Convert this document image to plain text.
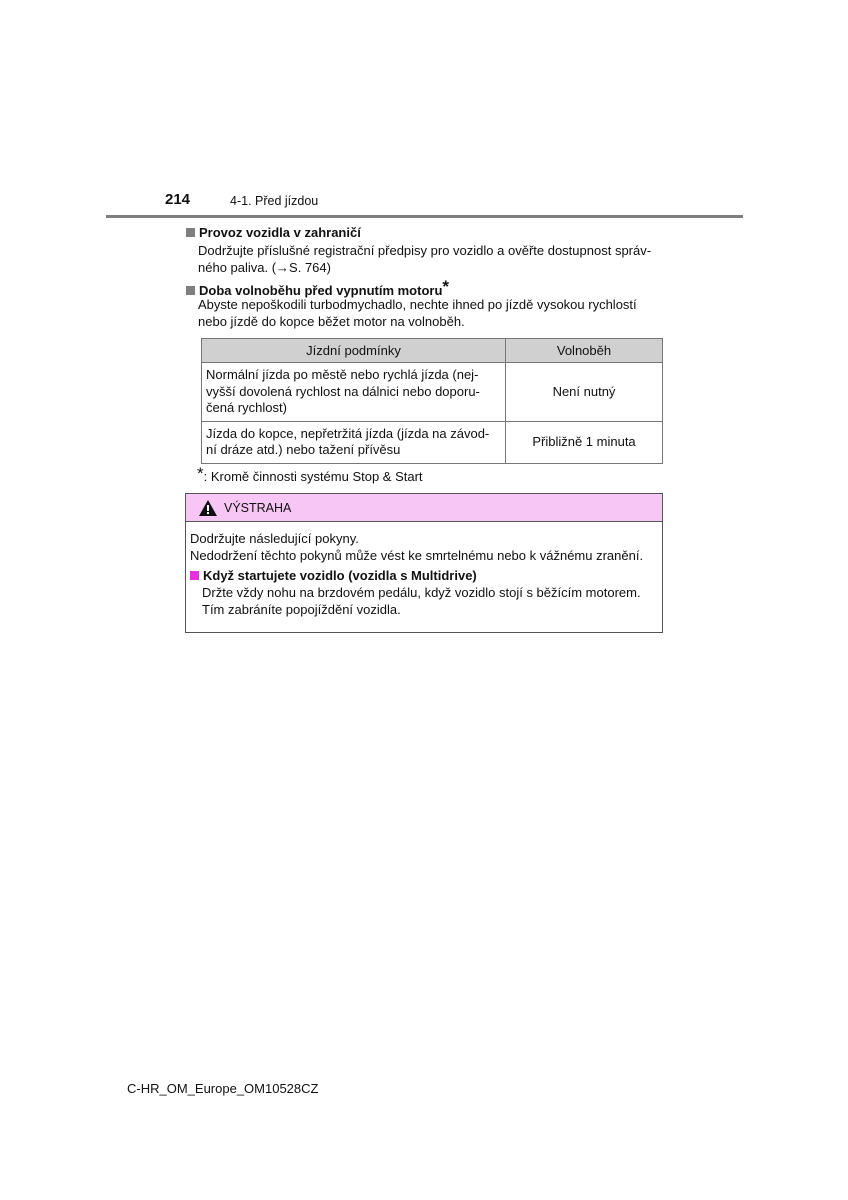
214	4-1. Před jízdou
Provoz vozidla v zahraničí
Dodržujte příslušné registrační předpisy pro vozidlo a ověřte dostupnost správ-
ného paliva. (→S. 764)
Doba volnoběhu před vypnutím motoru*
Abyste nepoškodili turbodmychadlo, nechte ihned po jízdě vysokou rychlostí
nebo jízdě do kopce běžet motor na volnoběh.
Jízdní podmínky	Volnoběh

Normální jízda po městě nebo rychlá jízda (nej-
vyšší dovolená rychlost na dálnici nebo doporu-
čená rychlost)	Není nutný

Jízda do kopce, nepřetržitá jízda (jízda na závod-
ní dráze atd.) nebo tažení přívěsu	Přibližně 1 minuta
*: Kromě činnosti systému Stop & Start
VÝSTRAHA
Dodržujte následující pokyny.
Nedodržení těchto pokynů může vést ke smrtelnému nebo k vážnému zranění.
Když startujete vozidlo (vozidla s Multidrive)
Držte vždy nohu na brzdovém pedálu, když vozidlo stojí s běžícím motorem.
Tím zabráníte popojíždění vozidla.
C-HR_OM_Europe_OM10528CZ
